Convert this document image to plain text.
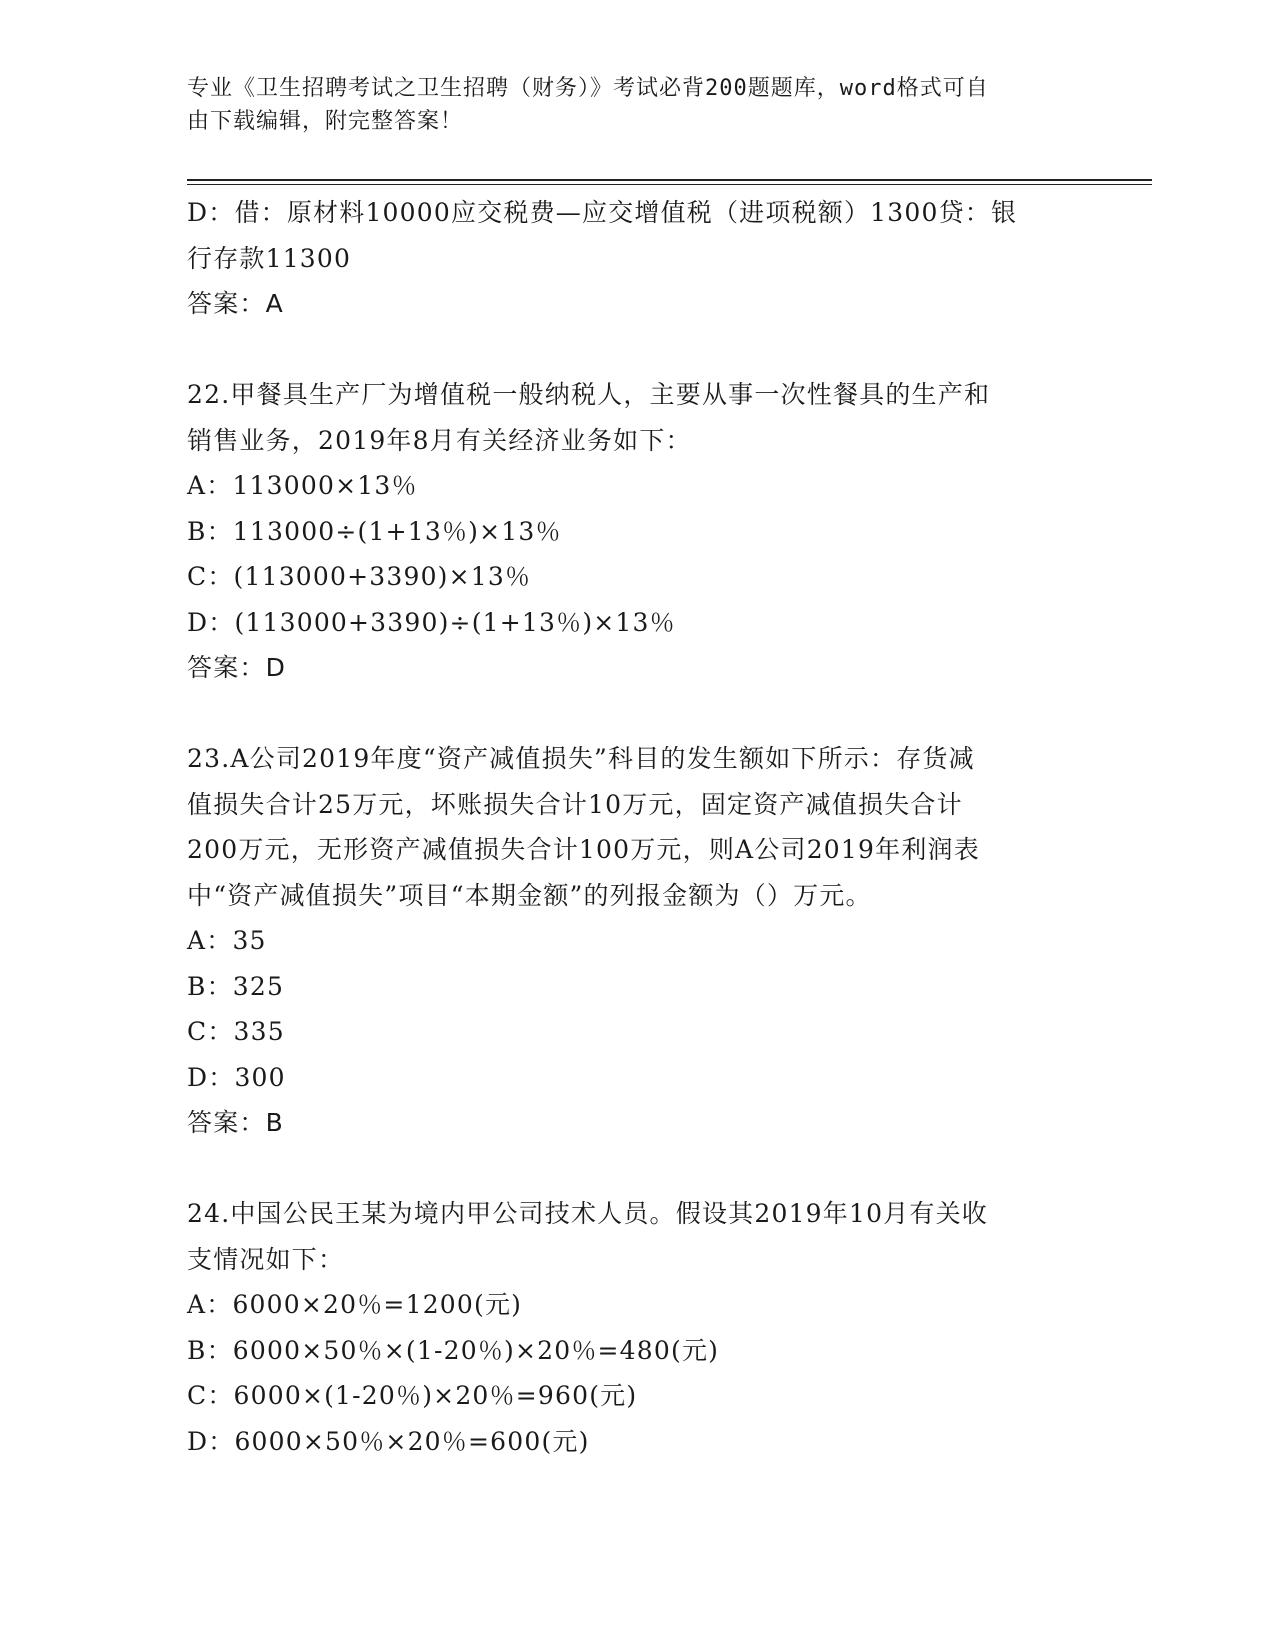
专业《卫生招聘考试之卫生招聘（财务）》考试必背200题题库，word格式可自
由下载编辑，附完整答案！
D：借：原材料10000应交税费—应交增值税（进项税额）1300贷：银
行存款11300
答案：A
22.甲餐具生产厂为增值税一般纳税人，主要从事一次性餐具的生产和
销售业务，2019年8月有关经济业务如下：
A：113000×13％
B：113000÷(1+13％)×13％
C：(113000+3390)×13％
D：(113000+3390)÷(1+13％)×13％
答案：D
23.A公司2019年度“资产减值损失”科目的发生额如下所示：存货减
值损失合计25万元，坏账损失合计10万元，固定资产减值损失合计
200万元，无形资产减值损失合计100万元，则A公司2019年利润表
中“资产减值损失”项目“本期金额”的列报金额为（）万元。
A：35
B：325
C：335
D：300
答案：B
24.中国公民王某为境内甲公司技术人员。假设其2019年10月有关收
支情况如下：
A：6000×20％=1200(元)
B：6000×50％×(1-20％)×20％=480(元)
C：6000×(1-20％)×20％=960(元)
D：6000×50％×20％=600(元)
